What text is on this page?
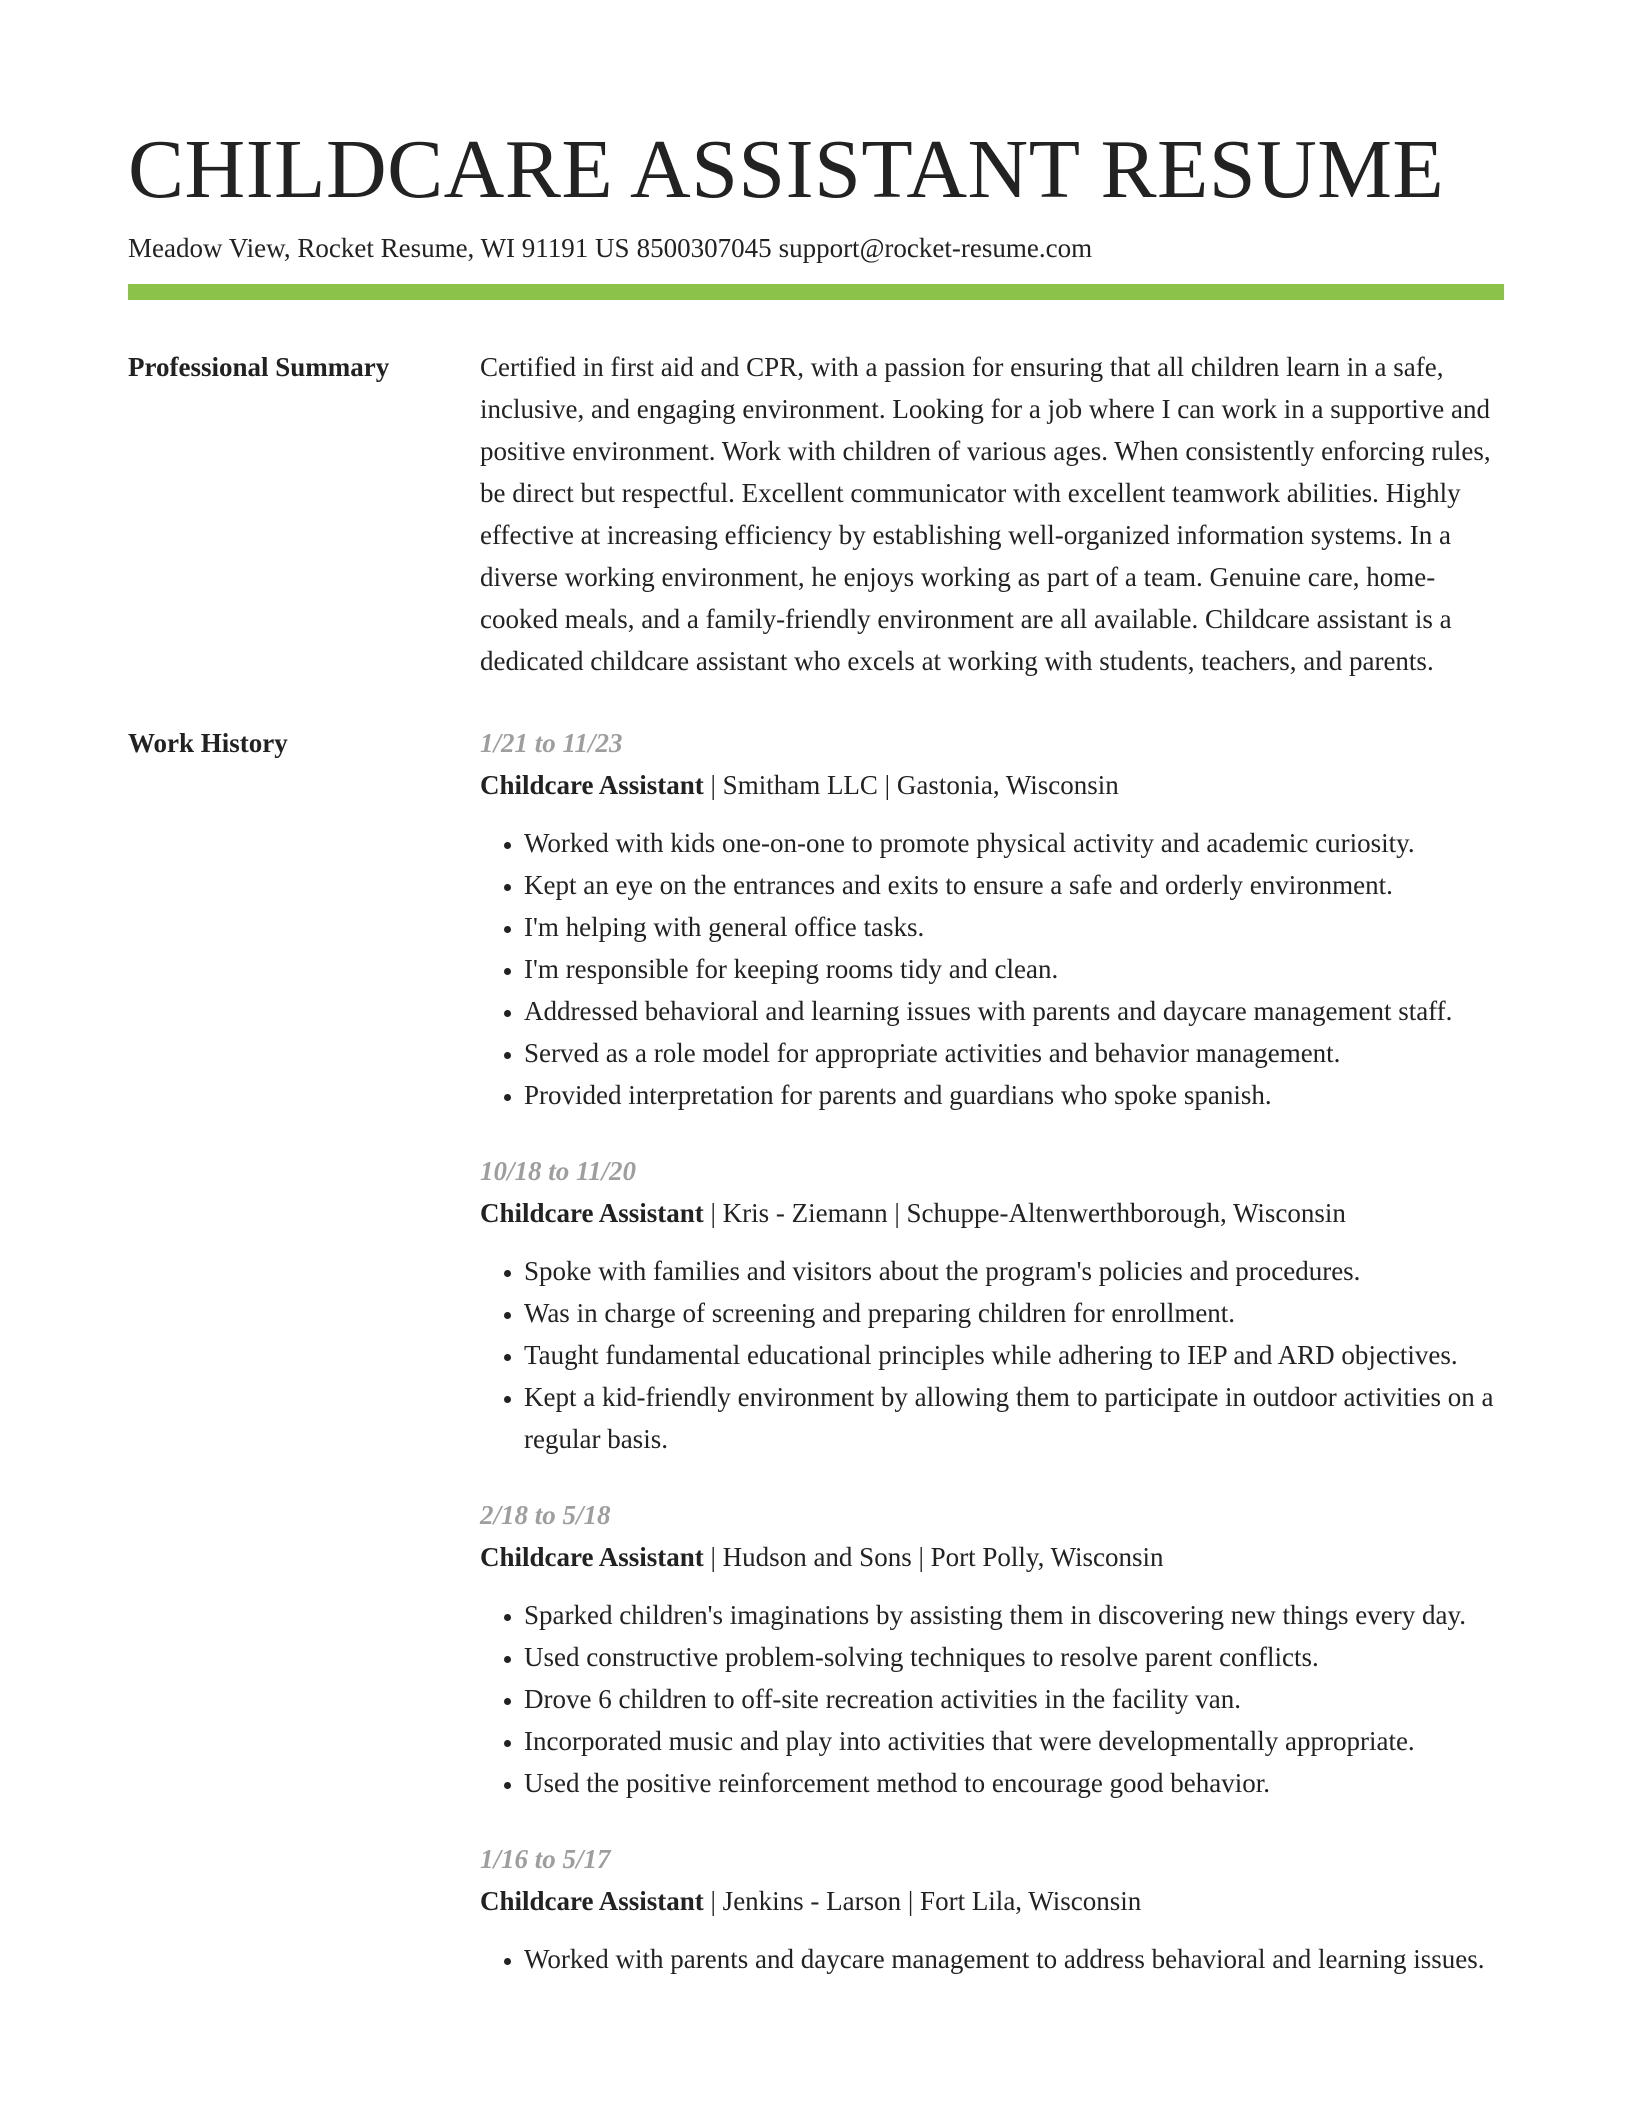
CHILDCARE ASSISTANT RESUME
Meadow View, Rocket Resume, WI 91191 US 8500307045 support@rocket-resume.com
Professional Summary	Certified in first aid and CPR, with a passion for ensuring that all children learn in a safe, inclusive, and engaging environment. Looking for a job where I can work in a supportive and positive environment. Work with children of various ages. When consistently enforcing rules, be direct but respectful. Excellent communicator with excellent teamwork abilities. Highly effective at increasing efficiency by establishing well-organized information systems. In a diverse working environment, he enjoys working as part of a team. Genuine care, home-cooked meals, and a family-friendly environment are all available. Childcare assistant is a dedicated childcare assistant who excels at working with students, teachers, and parents.

Work History	1/21 to 11/23
Childcare Assistant | Smitham LLC | Gastonia, Wisconsin
• Worked with kids one-on-one to promote physical activity and academic curiosity.
• Kept an eye on the entrances and exits to ensure a safe and orderly environment.
• I'm helping with general office tasks.
• I'm responsible for keeping rooms tidy and clean.
• Addressed behavioral and learning issues with parents and daycare management staff.
• Served as a role model for appropriate activities and behavior management.
• Provided interpretation for parents and guardians who spoke spanish.
10/18 to 11/20
Childcare Assistant | Kris - Ziemann | Schuppe-Altenwerthborough, Wisconsin
• Spoke with families and visitors about the program's policies and procedures.
• Was in charge of screening and preparing children for enrollment.
• Taught fundamental educational principles while adhering to IEP and ARD objectives.
• Kept a kid-friendly environment by allowing them to participate in outdoor activities on a regular basis.
2/18 to 5/18
Childcare Assistant | Hudson and Sons | Port Polly, Wisconsin
• Sparked children's imaginations by assisting them in discovering new things every day.
• Used constructive problem-solving techniques to resolve parent conflicts.
• Drove 6 children to off-site recreation activities in the facility van.
• Incorporated music and play into activities that were developmentally appropriate.
• Used the positive reinforcement method to encourage good behavior.
1/16 to 5/17
Childcare Assistant | Jenkins - Larson | Fort Lila, Wisconsin
• Worked with parents and daycare management to address behavioral and learning issues.
